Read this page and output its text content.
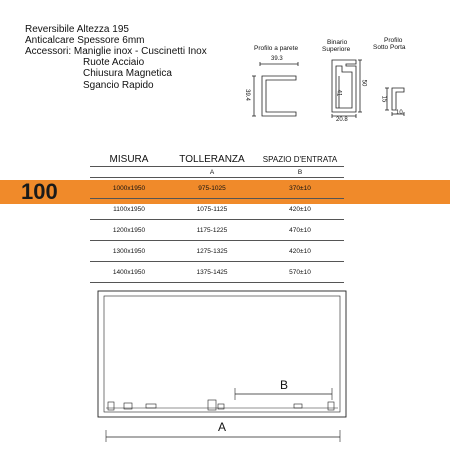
Reversibile Altezza 195
Anticalcare Spessore 6mm
Accessori: Maniglie inox - Cuscinetti Inox
Ruote Acciaio
Chiusura Magnetica
Sgancio Rapido
Profilo a parete
Binario
Superiore
Profilo
Sotto Porta
39.3
39.4
50
41
20.8
15
10
100
MISURA	TOLLERANZA	SPAZIO D'ENTRATA
	A	B
1000x1950	975-1025	370±10
1100x1950	1075-1125	420±10
1200x1950	1175-1225	470±10
1300x1950	1275-1325	420±10
1400x1950	1375-1425	570±10
B
A
